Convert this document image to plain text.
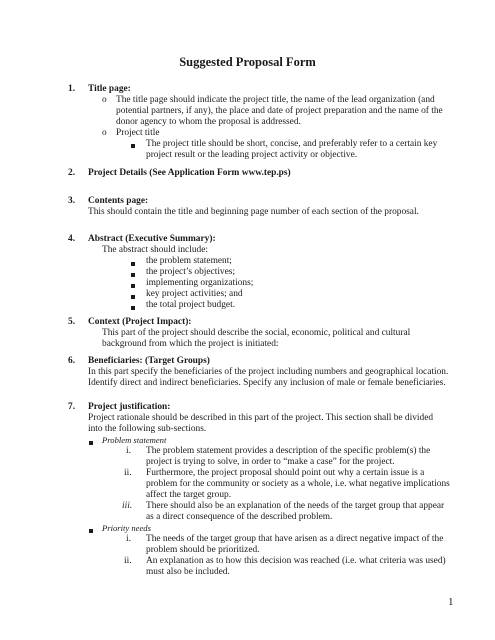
Suggested Proposal Form
1.	Title page:
o The title page should indicate the project title, the name of the lead organization (and
potential partners, if any), the place and date of project preparation and the name of the
donor agency to whom the proposal is addressed.
o Project title
The project title should be short, concise, and preferably refer to a certain key
project result or the leading project activity or objective.
2.	Project Details (See Application Form www.tep.ps)
3.	Contents page:
This should contain the title and beginning page number of each section of the proposal.
4.	Abstract (Executive Summary):
The abstract should include:
the problem statement;
the project’s objectives;
implementing organizations;
key project activities; and
the total project budget.
5.	Context (Project Impact):
This part of the project should describe the social, economic, political and cultural
background from which the project is initiated:
6.	Beneficiaries: (Target Groups)
In this part specify the beneficiaries of the project including numbers and geographical location.
Identify direct and indirect beneficiaries. Specify any inclusion of male or female beneficiaries.
7.	Project justification:
Project rationale should be described in this part of the project. This section shall be divided
into the following sub-sections.
Problem statement
i. The problem statement provides a description of the specific problem(s) the
project is trying to solve, in order to “make a case” for the project.
ii. Furthermore, the project proposal should point out why a certain issue is a
problem for the community or society as a whole, i.e. what negative implications
affect the target group.
iii. There should also be an explanation of the needs of the target group that appear
as a direct consequence of the described problem.
Priority needs
i. The needs of the target group that have arisen as a direct negative impact of the
problem should be prioritized.
ii. An explanation as to how this decision was reached (i.e. what criteria was used)
must also be included.
1
